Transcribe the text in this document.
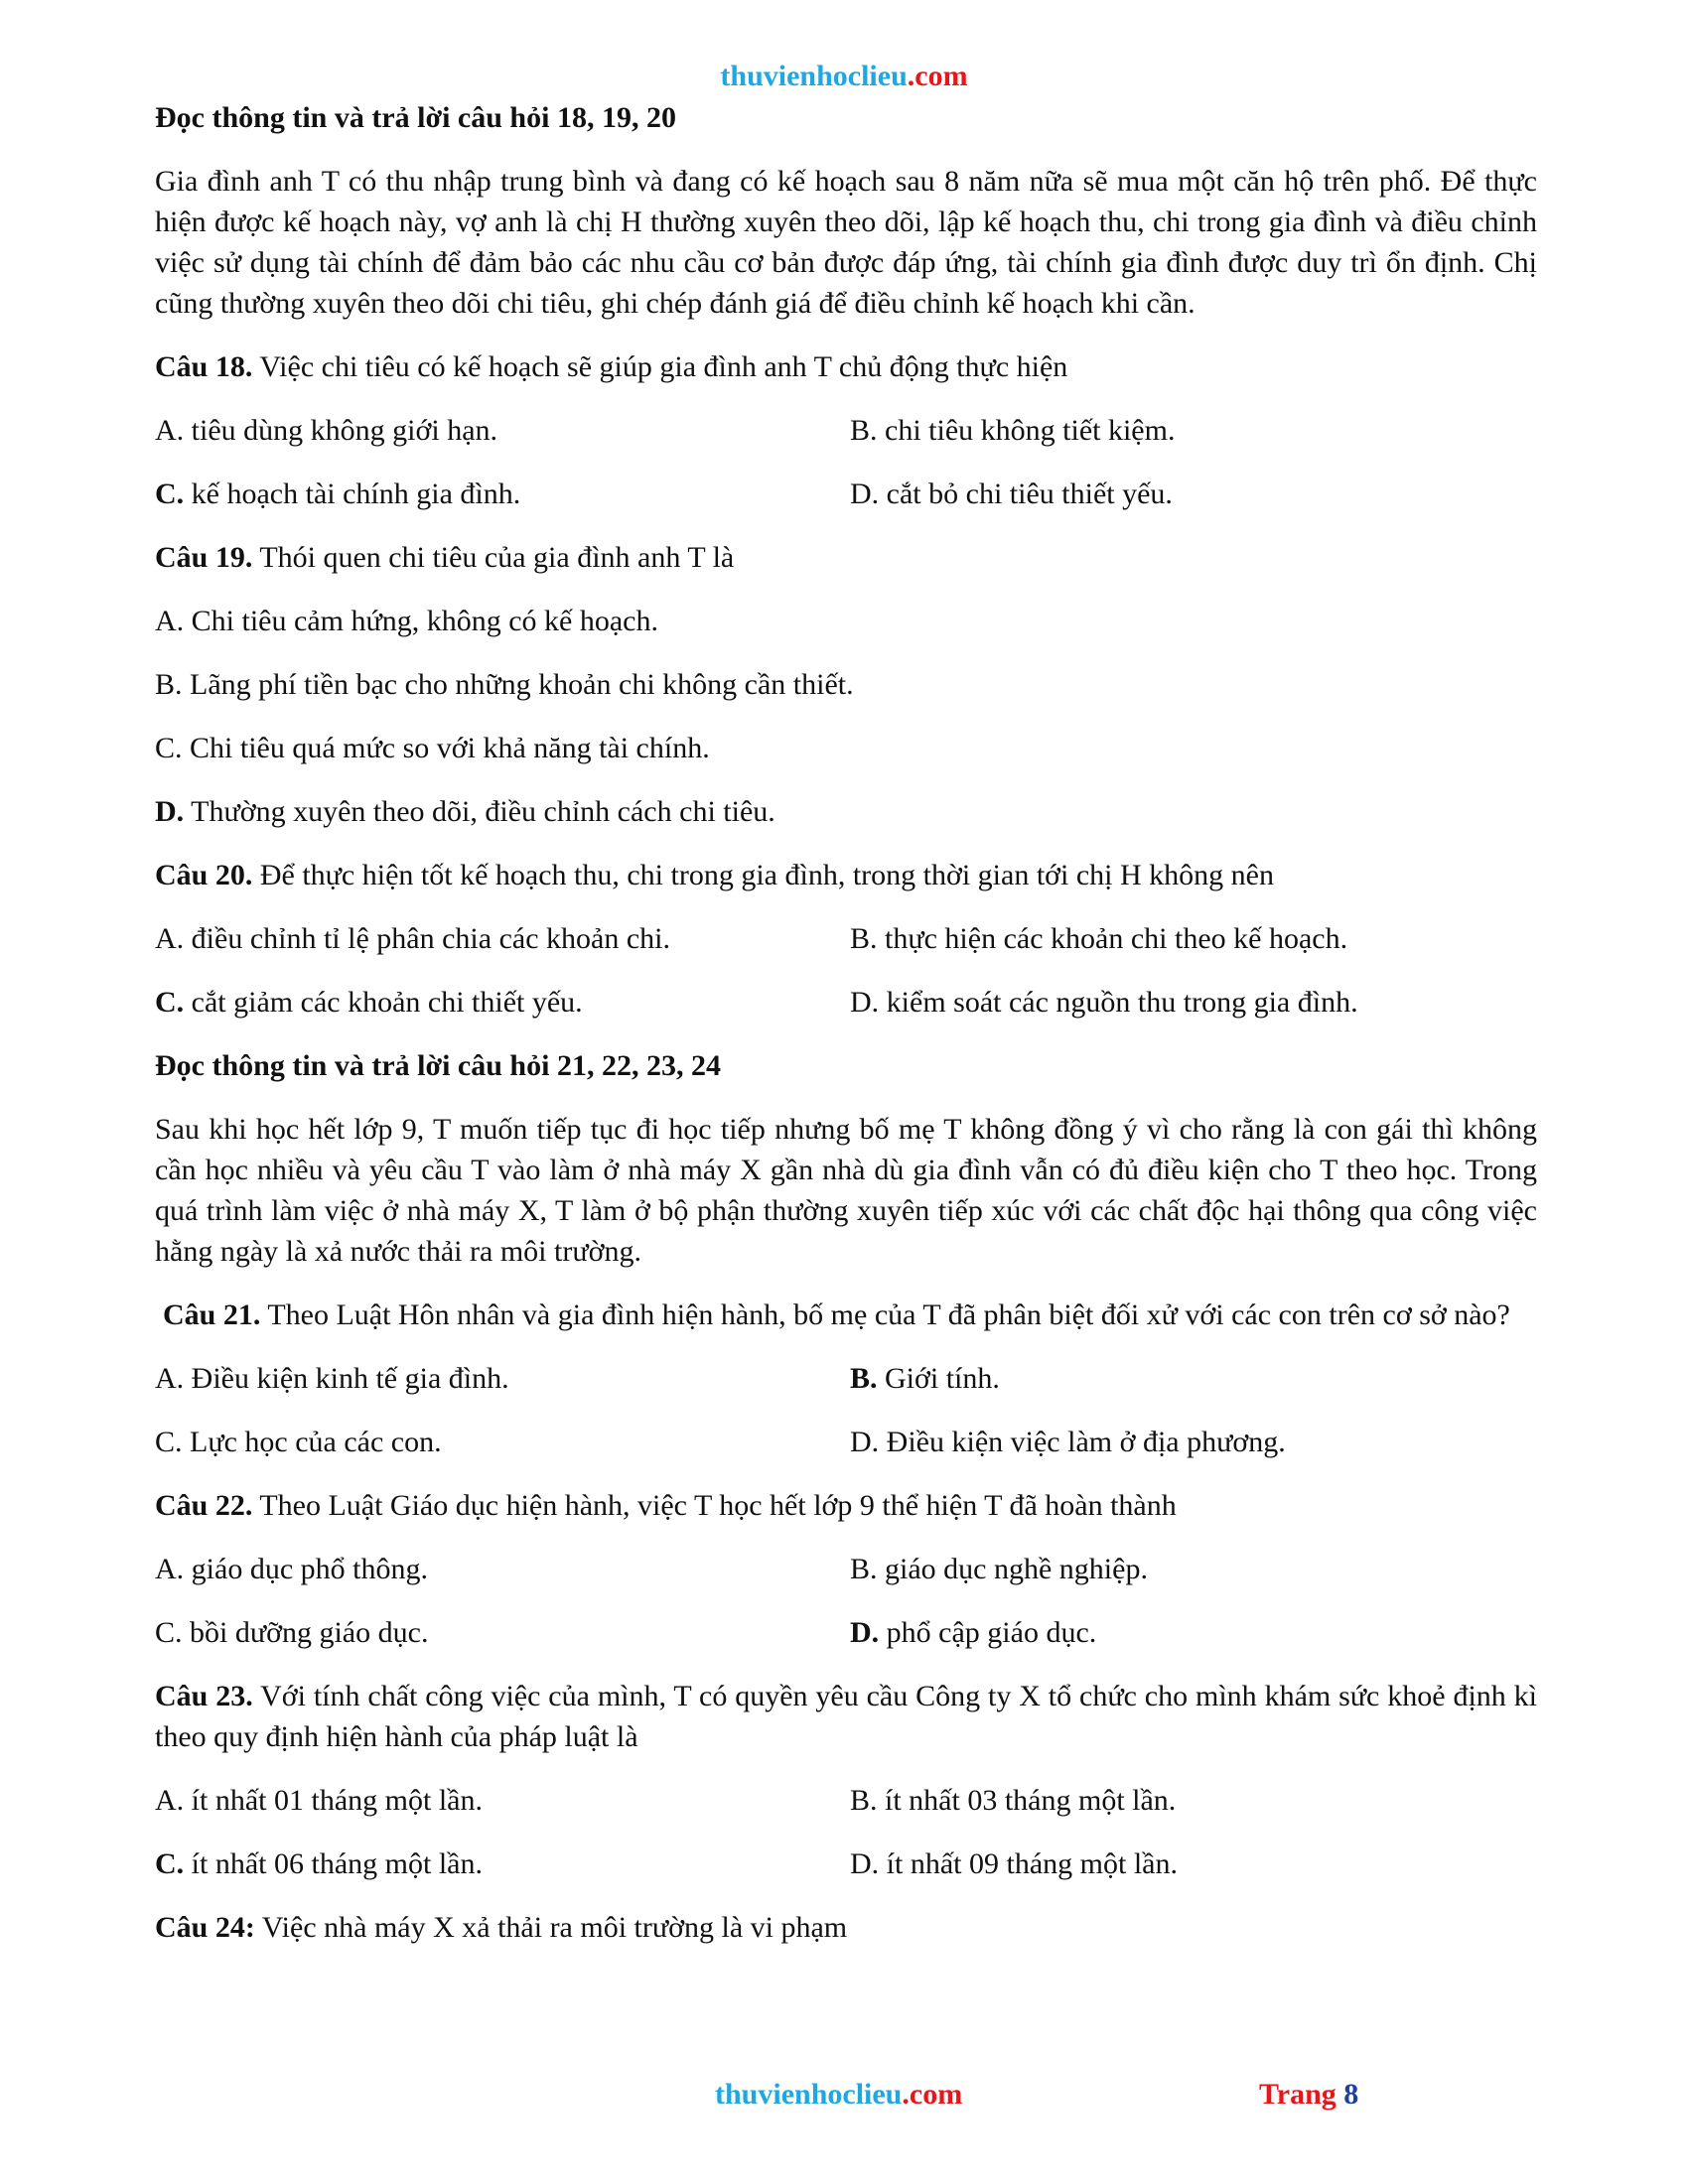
thuvienhoclieu.com
Đọc thông tin và trả lời câu hỏi 18, 19, 20
Gia đình anh T có thu nhập trung bình và đang có kế hoạch sau 8 năm nữa sẽ mua một căn hộ trên phố. Để thực hiện được kế hoạch này, vợ anh là chị H thường xuyên theo dõi, lập kế hoạch thu, chi trong gia đình và điều chỉnh việc sử dụng tài chính để đảm bảo các nhu cầu cơ bản được đáp ứng, tài chính gia đình được duy trì ổn định. Chị cũng thường xuyên theo dõi chi tiêu, ghi chép đánh giá để điều chỉnh kế hoạch khi cần.
Câu 18. Việc chi tiêu có kế hoạch sẽ giúp gia đình anh T chủ động thực hiện
A. tiêu dùng không giới hạn.	B. chi tiêu không tiết kiệm.
C. kế hoạch tài chính gia đình.	D. cắt bỏ chi tiêu thiết yếu.
Câu 19. Thói quen chi tiêu của gia đình anh T là
A. Chi tiêu cảm hứng, không có kế hoạch.
B. Lãng phí tiền bạc cho những khoản chi không cần thiết.
C. Chi tiêu quá mức so với khả năng tài chính.
D. Thường xuyên theo dõi, điều chỉnh cách chi tiêu.
Câu 20. Để thực hiện tốt kế hoạch thu, chi trong gia đình, trong thời gian tới chị H không nên
A. điều chỉnh tỉ lệ phân chia các khoản chi.	B. thực hiện các khoản chi theo kế hoạch.
C. cắt giảm các khoản chi thiết yếu.	D. kiểm soát các nguồn thu trong gia đình.
Đọc thông tin và trả lời câu hỏi 21, 22, 23, 24
Sau khi học hết lớp 9, T muốn tiếp tục đi học tiếp nhưng bố mẹ T không đồng ý vì cho rằng là con gái thì không cần học nhiều và yêu cầu T vào làm ở nhà máy X gần nhà dù gia đình vẫn có đủ điều kiện cho T theo học. Trong quá trình làm việc ở nhà máy X, T làm ở bộ phận thường xuyên tiếp xúc với các chất độc hại thông qua công việc hằng ngày là xả nước thải ra môi trường.
Câu 21. Theo Luật Hôn nhân và gia đình hiện hành, bố mẹ của T đã phân biệt đối xử với các con trên cơ sở nào?
A. Điều kiện kinh tế gia đình.	B. Giới tính.
C. Lực học của các con.	D. Điều kiện việc làm ở địa phương.
Câu 22. Theo Luật Giáo dục hiện hành, việc T học hết lớp 9 thể hiện T đã hoàn thành
A. giáo dục phổ thông.	B. giáo dục nghề nghiệp.
C. bồi dưỡng giáo dục.	D. phổ cập giáo dục.
Câu 23. Với tính chất công việc của mình, T có quyền yêu cầu Công ty X tổ chức cho mình khám sức khoẻ định kì theo quy định hiện hành của pháp luật là
A. ít nhất 01 tháng một lần.	B. ít nhất 03 tháng một lần.
C. ít nhất 06 tháng một lần.	D. ít nhất 09 tháng một lần.
Câu 24: Việc nhà máy X xả thải ra môi trường là vi phạm
thuvienhoclieu.com	Trang 8
